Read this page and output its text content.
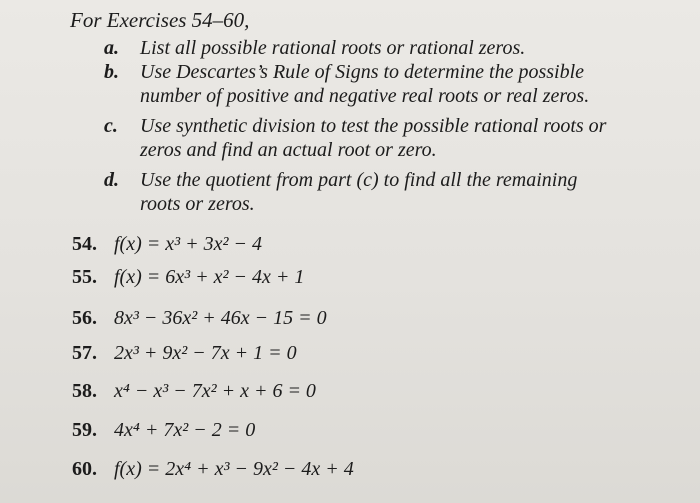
For Exercises 54–60,
a. List all possible rational roots or rational zeros.
b. Use Descartes’s Rule of Signs to determine the possible
number of positive and negative real roots or real zeros.
c. Use synthetic division to test the possible rational roots or
zeros and find an actual root or zero.
d. Use the quotient from part (c) to find all the remaining
roots or zeros.
54. f(x) = x³ + 3x² − 4
55. f(x) = 6x³ + x² − 4x + 1
56. 8x³ − 36x² + 46x − 15 = 0
57. 2x³ + 9x² − 7x + 1 = 0
58. x⁴ − x³ − 7x² + x + 6 = 0
59. 4x⁴ + 7x² − 2 = 0
60. f(x) = 2x⁴ + x³ − 9x² − 4x + 4
